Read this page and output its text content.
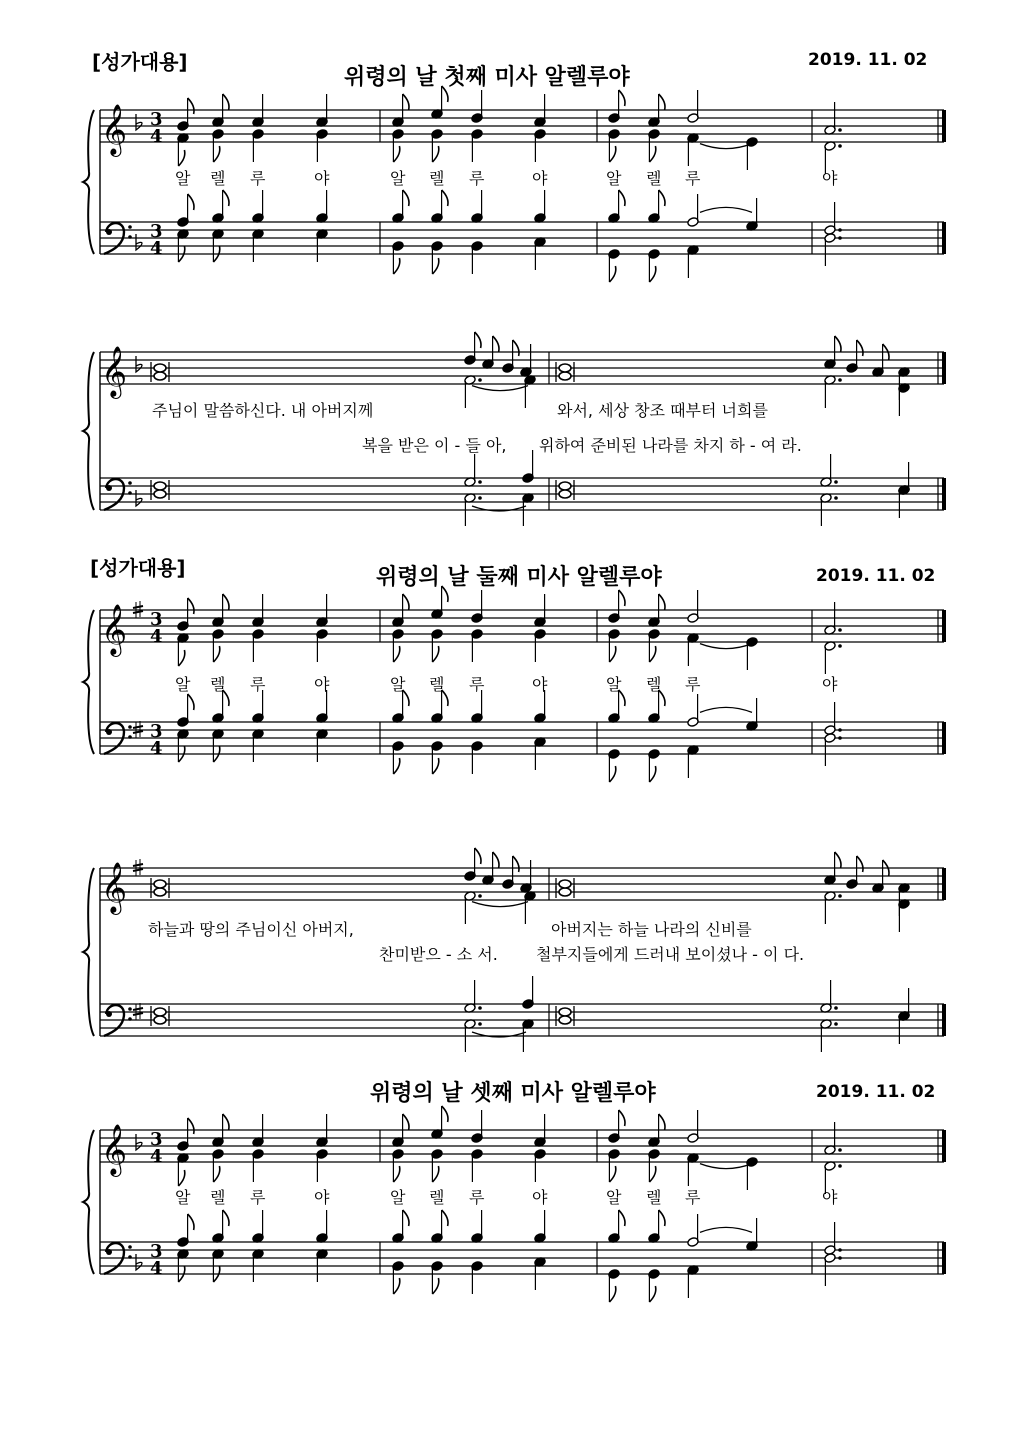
[성가대용]
위령의 날 첫째 미사 알렐루야
2019. 11. 02
알 렐 루	야	알 렐 루	야	알 렐 루	야
주님이 말씀하신다. 내 아버지께	와서, 세상 창조 때부터 너희를
복을 받은 이 - 들 아, 위하여 준비된 나라를 차지 하 - 여 라.
[성가대용]	위령의 날 둘째 미사 알렐루야	2019. 11. 02
알 렐 루	야	알 렐 루	야	알 렐 루	야
하늘과 땅의 주님이신 아버지,	아버지는 하늘 나라의 신비를
찬미받으 - 소 서. 철부지들에게 드러내 보이셨나 - 이 다.
위령의 날 셋째 미사 알렐루야	2019. 11. 02
알 렐 루	야	알 렐 루	야	알 렐 루	야
𝄞 3
4
3
4
𝄞
𝄞 3
4
3
4
𝄞
𝄞 3
4
3
4
